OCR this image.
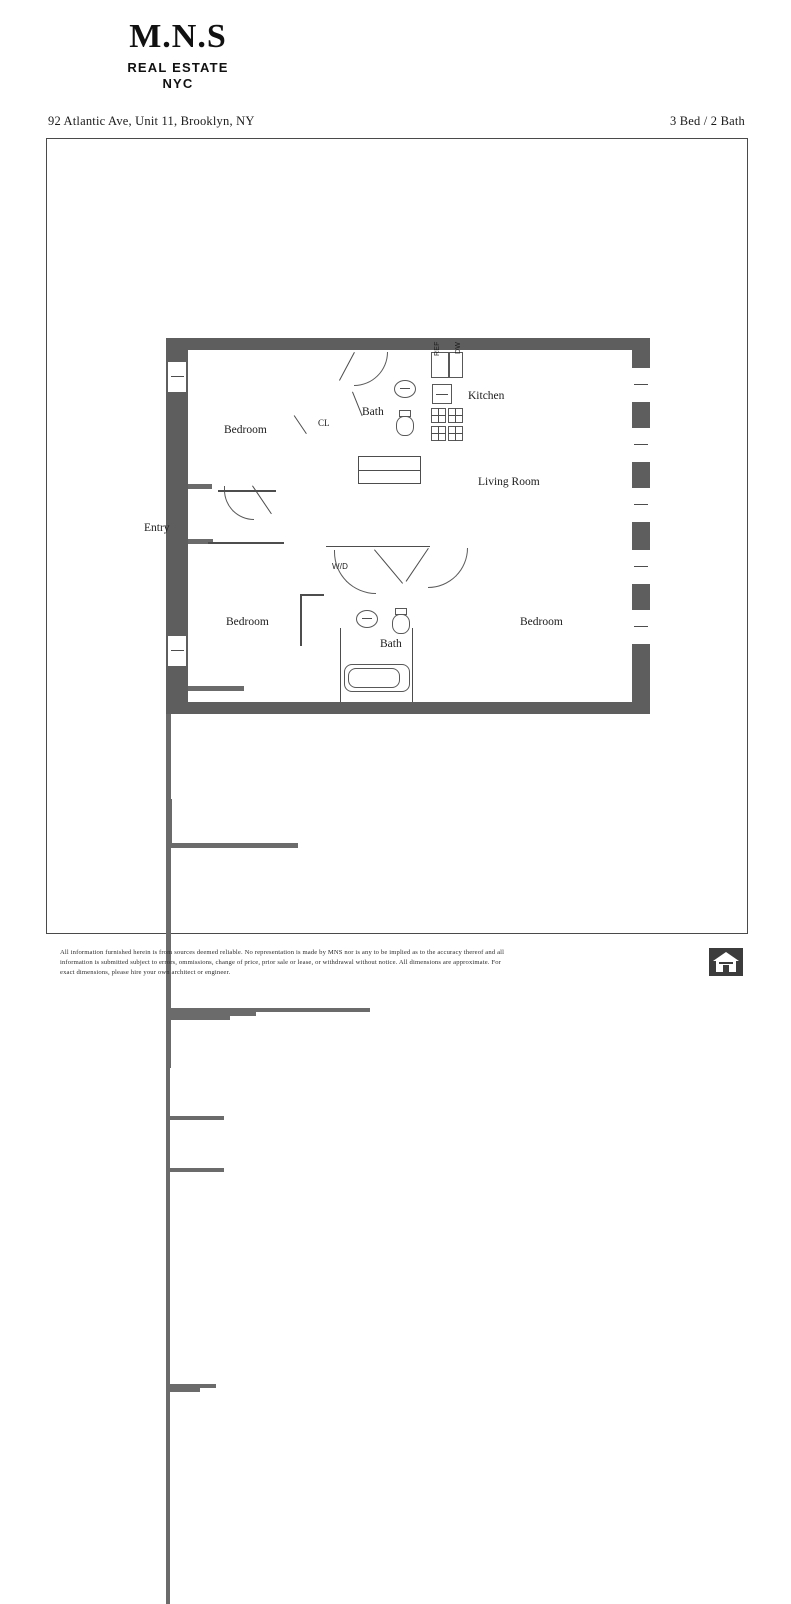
M.N.S
REAL ESTATE
NYC
92 Atlantic Ave, Unit 11, Brooklyn, NY	3 Bed / 2 Bath
REF DW
W/D
Bedroom
Bedroom	Bedroom
Living Room
Kitchen
Bath
Bath
Entry
CL
All information furnished herein is from sources deemed reliable. No representation is made by MNS nor is any to be implied as to the accuracy thereof and all
information is submitted subject to errors, ommissions, change of price, prior sale or lease, or withdrawal without notice. All dimensions are approximate. For
exact dimensions, please hire your own architect or engineer.
